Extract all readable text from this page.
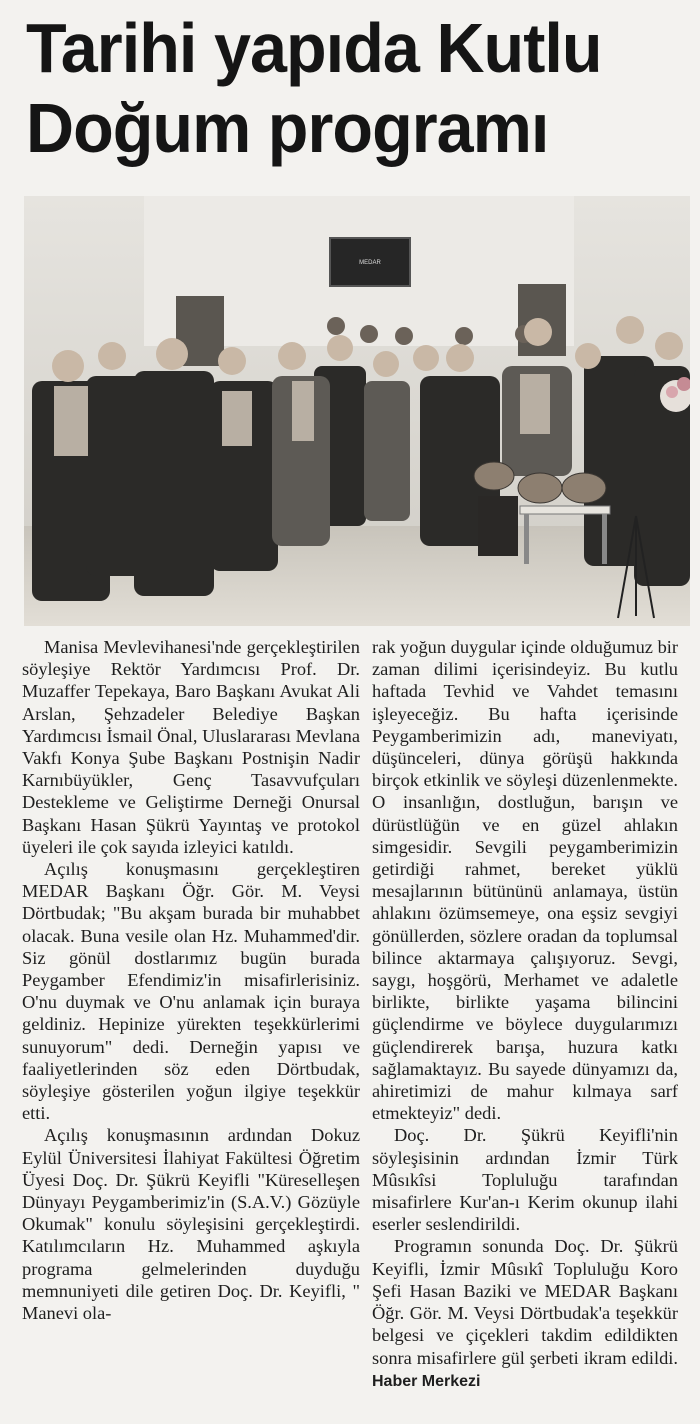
Tarihi yapıda Kutlu
Doğum programı
MEDAR

Manisa Mevlevihanesi'nde gerçekleştirilen söyleşiye Rektör Yardımcısı Prof. Dr. Muzaffer Tepekaya, Baro Başkanı Avukat Ali Arslan, Şehzadeler Belediye Başkan Yardımcısı İsmail Önal, Uluslararası Mevlana Vakfı Konya Şube Başkanı Postnişin Nadir Karnıbüyükler, Genç Tasavvufçuları Destekleme ve Geliştirme Derneği Onursal Başkanı Hasan Şükrü Yayıntaş ve protokol üyeleri ile çok sayıda izleyici katıldı.

Açılış konuşmasını gerçekleştiren MEDAR Başkanı Öğr. Gör. M. Veysi Dörtbudak; "Bu akşam burada bir muhabbet olacak. Buna vesile olan Hz. Muhammed'dir. Siz gönül dostlarımız bugün burada Peygamber Efendimiz'in misafirlerisiniz. O'nu duymak ve O'nu anlamak için buraya geldiniz. Hepinize yürekten teşekkürlerimi sunuyorum" dedi. Derneğin yapısı ve faaliyetlerinden söz eden Dörtbudak, söyleşiye gösterilen yoğun ilgiye teşekkür etti.

Açılış konuşmasının ardından Dokuz Eylül Üniversitesi İlahiyat Fakültesi Öğretim Üyesi Doç. Dr. Şükrü Keyifli "Küreselleşen Dünyayı Peygamberimiz'in (S.A.V.) Gözüyle Okumak" konulu söyleşisini gerçekleştirdi. Katılımcıların Hz. Muhammed aşkıyla programa gelmelerinden duyduğu memnuniyeti dile getiren Doç. Dr. Keyifli, " Manevi ola-

rak yoğun duygular içinde olduğumuz bir zaman dilimi içerisindeyiz. Bu kutlu haftada Tevhid ve Vahdet temasını işleyeceğiz. Bu hafta içerisinde Peygamberimizin adı, maneviyatı, düşünceleri, dünya görüşü hakkında birçok etkinlik ve söyleşi düzenlenmekte. O insanlığın, dostluğun, barışın ve dürüstlüğün ve en güzel ahlakın simgesidir. Sevgili peygamberimizin getirdiği rahmet, bereket yüklü mesajlarının bütününü anlamaya, üstün ahlakını özümsemeye, ona eşsiz sevgiyi gönüllerden, sözlere oradan da toplumsal bilince aktarmaya çalışıyoruz. Sevgi, saygı, hoşgörü, Merhamet ve adaletle birlikte, birlikte yaşama bilincini güçlendirme ve böylece duygularımızı güçlendirerek barışa, huzura katkı sağlamaktayız. Bu sayede dünyamızı da, ahiretimizi de mahur kılmaya sarf etmekteyiz" dedi.

Doç. Dr. Şükrü Keyifli'nin söyleşisinin ardından İzmir Türk Mûsıkîsi Topluluğu tarafından misafirlere Kur'an-ı Kerim okunup ilahi eserler seslendirildi.

Programın sonunda Doç. Dr. Şükrü Keyifli, İzmir Mûsıkî Topluluğu Koro Şefi Hasan Baziki ve MEDAR Başkanı Öğr. Gör. M. Veysi Dörtbudak'a teşekkür belgesi ve çiçekleri takdim edildikten sonra misafirlere gül şerbeti ikram edildi. Haber Merkezi
